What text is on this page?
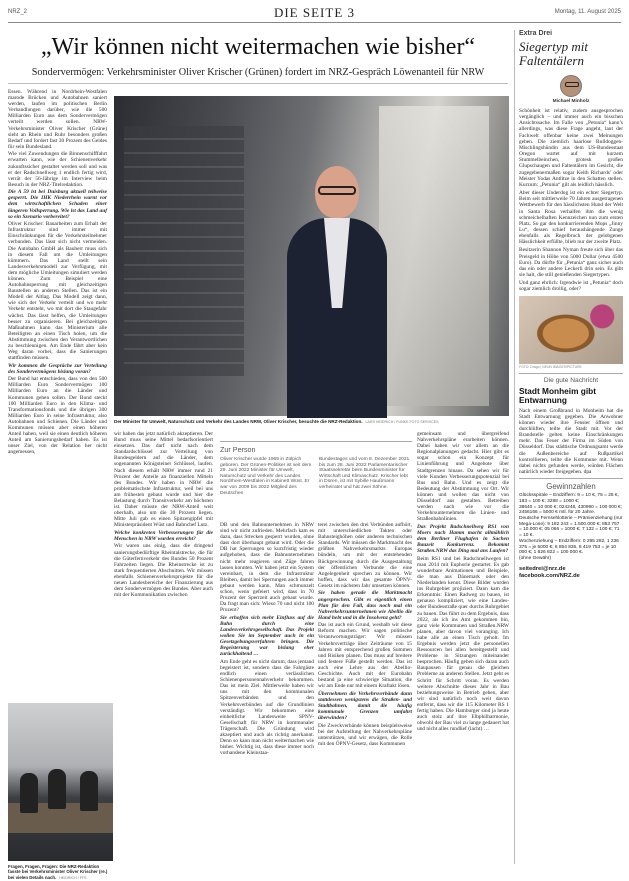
NRZ_2	DIE SEITE 3	Montag, 11. August 2025
„Wir können nicht weitermachen wie bisher“
Sondervermögen: Verkehrsminister Oliver Krischer (Grünen) fordert im NRZ-Gespräch Löwenanteil für NRW

Essen. Während in Nordrhein-Westfalen marode Brücken und Autobahnen saniert werden, laufen im politischen Berlin Verhandlungen darüber, wie die 500 Milliarden Euro aus dem Sondervermögen verteilt werden sollen. NRW-Verkehrsminister Oliver Krischer (Grüne) sieht an Rhein und Ruhr besonders großen Bedarf und fordert fast 30 Prozent des Geldes für sein Bundesland.

Wie viel Zuwendungen die Binnenschifffahrt erwarten kann, wie der Schienenverkehr zukunftssicher gestaltet werden soll und was er der Radschnellweg 1 endlich fertig wird, verrät der 56-Jährige im Interview beim Besuch in der NRZ-Titelredaktion.

Die A 59 ist bei Duisburg aktuell teilweise gesperrt. Die IHK Niederrhein warnt vor dem wirtschaftlichen Schaden einer längeren Vollsperrung. Wie ist das Land auf so ein Szenario vorbereitet?

Oliver Krischer: Bauarbeiten zum Erhalt der Infrastruktur sind immer mit Einschränkungen für die Verkehrsteilnehmer verbunden. Das lässt sich nicht vermeiden. Die Autobahn GmbH als Bauherr muss sich in diesem Fall um die Umleitungen kümmern. Das Land stellt sein Landesverkehrsmodell zur Verfügung, mit dem mögliche Umleitungen simuliert werden können. Zum Beispiel eine Autobahnsperrung mit gleichzeitigen Baustellen an anderen Stellen. Das ist ein Modell der Altlag. Das Modell zeigt dann, wie sich der Verkehr verteilt und wo mehr Verkehr entsteht, wo mit dort die Staugefahr wächst. Das lässt helfen, die Umleitungen besser zu organisieren. Bei gleichzeitigen Maßnahmen kann das Ministerium alle Beteiligten an einen Tisch holen, um die Abstimmung zwischen den Verantwortlichen zu beschleunigen. Am Ende fährt aber kein Weg daran vorbei, dass die Sanierungen stattfinden müssen.

Wir kommen die Gespräche zur Verteilung des Sondervermögens bislang voran?

Der Bund hat entschieden, dass von den 500 Milliarden Euro Sondervermögen 100 Milliarden Euro an die Länder und Kommunen gehen sollen. Der Bund steckt 100 Milliarden Euro in den Klima- und Transformationsfonds und die übrigen 300 Milliarden Euro in seine Infrastruktur, also Autobahnen und Schienen. Die Länder und Kommunen müssen aber einen höheren Anteil haben, weil sie einen deutlich höheren Anteil am Sanierungsbedarf haben. Es ist unser Ziel, von der Relation her nicht angemessen,

Der Minister für Umwelt, Naturschutz und Verkehr des Landes NRW, Oliver Krischer, besuchte die NRZ-Redaktion. LARS HEIDRICH / FUNKE FOTO SERVICES

wir haben das jetzt natürlich akzeptieren. Der Bund muss seine Mittel bedarfsorientiert einsetzen. Das darf nicht nach dem Standardschlüssel zur Verteilung von Bundesgeldern auf die Länder, dem sogenannten Königsteiner Schlüssel, laufen. Nach diesem erhält NRW immer rund 21 Prozent der Anteile an finanziellen Mitteln des Bundes. Wir haben in NRW die problematischste Infrastruktur, weil bei uns am frühesten gebaut wurde und hier die Belastung durch Transitverkehr am höchsten ist. Daher müsste der NRW-Anteil weit oberhalb, also um die 30 Prozent liegen. Mitte Juli gab es einen Spitzengipfel mit Ministerpräsident Wüst und Bahnchef Lutz.

Welche konkreten Verbesserungen für die Menschen in NRW wurden erreicht?

Wir waren uns einig, dass die dringend sanierungsbedürftige Rheintalstrecke, die für die Güterfernverkehr des Bundes 50 Prozent Fahrzeiten liegen. Die Rheinstrecke ist zu stark frequentierten Abschnitten. Wir müssen ebenfalls Schienenverkehrsprojekte für die neuen Landesbereiche der Finanzierung aus dem Sondervermögen des Bundes. Aber auch mit der Kommunikation zwischen

Zur Person
Oliver Krischer wurde 1969 in Zülpich geboren. Der Grünen-Politiker ist seit dem 29. Juni 2022 Minister für Umwelt, Naturschutz und Verkehr des Landes Nordrhein-Westfalen in Kabinett Wüst. Er war von 2009 bis 2022 Mitglied des Deutschen
Bundestages und vom 8. Dezember 2021 bis zum 28. Juni 2022 Parlamentarischer Staatssekretär beim Bundesminister für Wirtschaft und Klimaschutz. Krischer lebt in Düren, ist mit Sybille Haußmann verheiratet und hat zwei Söhne.

DB und den Bahnunternehmen in NRW sind wir nicht zufrieden. Mehrfach kam es dazu, dass Strecken gesperrt wurden, ohne dass dort überhaupt gebaut wird. Oder die DB hat Sperrungen so kurzfristig wieder aufgehoben, dass die Bahnunternehmen nicht mehr reagieren und Züge fahren lassen konnten. Wir haben jetzt ein System vereinbart, in dem die Infrastruktur Bleiben, damit bei Sperrungen auch immer gebaut werden kann. Man schmunzelt schon, wenn gefeiert wird, dass in 70 Prozent der Sperrzeit auch gebaut wurde. Da fragt man sich: Wieso 70 und nicht 100 Prozent?

Sie erhoffen sich mehr Einfluss auf die Bahn durch eine Landesverkehrsgesellschaft. Das Projekt wollen Sie im September auch in ein Gesetzgebungsverfahren bringen. Die Begeisterung war bislang eher zurückhaltend …

Am Ende geht es nicht darum, dass jemand begeistert ist, sondern dass die Fahrgäste endlich einen verlässlichen Schienenpersonennahverkehr bekommen. Das ist mein Ziel. Mittlerweile haben wir uns mit den kommunalen Spitzenverbänden und den Verkehrsverbünden auf die Grundlinien verständigt. Wir bekommen eine einheitliche Landesweite SPNV-Gesellschaft für NRW in kommunaler Trägerschaft. Die Gründung wird akzeptiert und auch als richtig anerkannt. Denn so kann man nicht weitermachen wie bisher. Wichtig ist, dass diese immer noch vorhandene Kleinstaa-

terei zwischen den drei Verbünden aufhört, mit unterschiedlichen Takten oder Bahnsteighöhen oder anderen technischen Standards. Wir müssen die Marktmacht des größten Nahverkehrsmarkts Europas bündeln, um mit der entstehenden Rückgewinnung durch die Ausgestaltung der öffentlichen Verbunde die eine Angelegenheit sprechen zu können. Wir hoffen, dass wir das gesamte ÖPNV-Gesetz im nächsten Jahr umsetzen können.

Sie haben gerade die Marktmacht angesprochen. Gibt es eigentlich einen Plan für den Fall, dass noch mal ein Nahverkehrsunternehmen wie Abellio die Hand hebt und in die Insolvenz geht?

Das ist auch ein Grund, weshalb wir diese Reform machen. Wir sagen politische Verantwortungsträger: Wir müssen Verkehrsverträge über Zeiträume von 15 Jahren mit entsprechend großen Summen und Risiken planen. Das muss auf breitere und festere Füße gestellt werden. Das ist auch eine Lehre aus der Abellio-Geschichte. Auch mit der Eurobahn bestand ja eine schwierige Situation, die wir am Ende nur mit einem Kraftakt lösen.

Übernehmen die Verkehrsverbände dann stattdessen wenigstens die Straßen- und Stadtbahnen, damit die häufig kommunale Grenzen umfahrt überwinden?

Die Zweckverbände können beispielsweise bei der Aufstellung der Nahverkehrspläne unterstützen, und wir erwägen, die Rolle mit den ÖPNV-Gesetz, dass Kommunen

gemeinsam und übergreifend Nahverkehrspläne erarbeiten können. Dabei haben wir vor allem an die Regionalplanungen gedacht. Hier gibt es sogar schon ein Konzept für Linienführung und Angebote über Stadtgrenzen hinaus. Da sehen wir für viele Kunden Verbesserungspotenzial bei Bus und Bahn. Und es zeigt die Bedeutung der Abstimmung vor Ort. Wir können und wollen das nicht von Düsseldorf aus gestalten. Betreiben werden nach wie vor die Verkehrsunternehmen die Linien- und Straßenbahnlinien.

Das Projekt Radschnellweg RS1 von Moers nach Hamm macht allmählich dem Berliner Flughafen in Sachen Bauzeit Konkurrenz. Bekommt Straßen.NRW das Ding mal ans Laufen?

Beim RS1 und bei Radschnellwegen ist man 2014 mit Euphorie gestartet. Es gab wunderbare Animationen und Beispiele, die man aus Dänemark oder den Niederlanden kennt. Diese Bilder wurden ins Ruhrgebiet projiziert. Dann kam die Erkenntnis: Einen Radweg zu bauen, ist genauso kompliziert, wie eine Landes- oder Bundesstraße quer durchs Ruhrgebiet zu bauen. Das führt zu dem Ergebnis, dass 2022, als ich ins Amt gekommen bin, ganz viele Kommunen und Straßen.NRW planen, aber davon viel voranging. Ich habe alle an einen Tisch geholt. Im Ergebnis werden jetzt die personellen Ressourcen bei allen bereitgestellt und Probleme in Sitzungen miteinander besprochen. Häufig geben sich daran auch Baupausen für genau die gleichen Probleme an anderen Stellen. Jetzt geht es Schritt für Schritt voran. Es werden weitere Abschnitte dieses Jahr in Bau beziehungsweise in Betrieb gehen, aber wir sind natürlich noch weit davon entfernt, dass wir die 115 Kilometer RS 1 fertig haben. Die Hamburger sind ja heute auch stolz auf ihre Elbphilharmonie, obwohl der Bau viel zu lange gedauert hat und nicht alles rundlief (lacht) …

Fragen, Fragen, Fragen: Die NRZ-Redaktion fasste bei Verkehrsminister Oliver Krischer (re.) bei vielen Details nach. HEIDRICH / FFS
Extra Drei
Siegertyp mit Faltentälern
Michael Minholz

Schönheit ist relativ, zudem ausgesprochen vergänglich – und immer auch ein bisschen Ansichtssache. Im Falle von „Petunia“ kann’s allerdings, was diese Frage angeht, laut der Fachwelt offenbar keine zwei Meinungen geben. Die ziemlich haarlose Bulldoggen-Mischlingshündin aus dem US-Bundesstaat Oregon wartet auf mit kurzem Stummelbeinchen, grotesk großen Glupschaugen und Faltentälern im Gesicht, die zugegebenermaßen sogar Keith Richards’ oder Meister Yodas Antlitze in den Schatten stellen. Kurzum: „Petunia“ gilt als leidlich hässlich.

Aber dieser Underdog ist ein echter Siegertyp. Beim seit mittlerweile 70 Jahren ausgetragenen Wettbewerb für den hässlichsten Hund der Welt in Santa Rosa verhalfen ihm die wenig schmeichelhaften Kennzeichen nun zum ersten Platz. So gar den konkurrierenden Mops „Jinny Lu“, dessen schief heraushängende Zunge ebenfalls als Regelbruch der gelobgenen Hässlichkeit erfüllte, blieb nur der zweite Platz.

Besitzerin Shannon Nyman freute sich über das Preisgeld in Höhe von 5000 Dollar (etwa 4500 Euro). Da dürfte für „Petunia“ ganz sicher auch das ein oder andere Leckerli drin sein. Es gibt sie halt, die still genießenden Siegertypen.

Und ganz ehrlich: Irgendwie ist „Petunia“ doch sogar ziemlich drollig, oder?

FOTO: Drago | NEUN IMAGES/PICTURE
Die gute Nachricht
Stadt Monheim gibt Entwarnung
Nach einem Großbrand in Monheim hat die Stadt Entwarnung gegeben. Die Anwohner können wieder ihre Fenster öffnen und durchlüften, teilte die Stadt mit. Vor der Brandstelle gelten keine Einschränkungen mehr. Das Feuer der Firma im Süden von Düsseldorf. Das städtische Ordnungsamt werde die Außenbereiche auf Rußpartikel kontrollieren, teilte die Kommune mit. Wenn dabei nichts gefunden werde, würden Flächen natürlich wieder freigegeben. dpa
Gewinnzahlen
Glücksspirale – Endziffern: 9 = 10 €, 75 = 25 €, 183 = 100 €; 3288 = 1000 €;
38640 = 10 000 €; 024248, 430990 = 100 000 €; 2456166 = 5000 € mtl. für 20 Jahre.
Deutsche Fernsehlotterie – Prämienziehung (nur Mega-Lose): 9 182 243 = 1.500.000 €; 853 757 = 10.000 €; 05 066 = 1000 €; 7 132 = 100 €; 71 = 10 €.
Wochenziehung – Endziffern: 0 295 282, 1 236 375 = je 5000 €; 6 854 835, 8 419 753 = je 10 000 €; 1 626 822 = 100 000 €.
(ohne Gewähr)
seitedrei@nrz.de
facebook.com/NRZ.de
